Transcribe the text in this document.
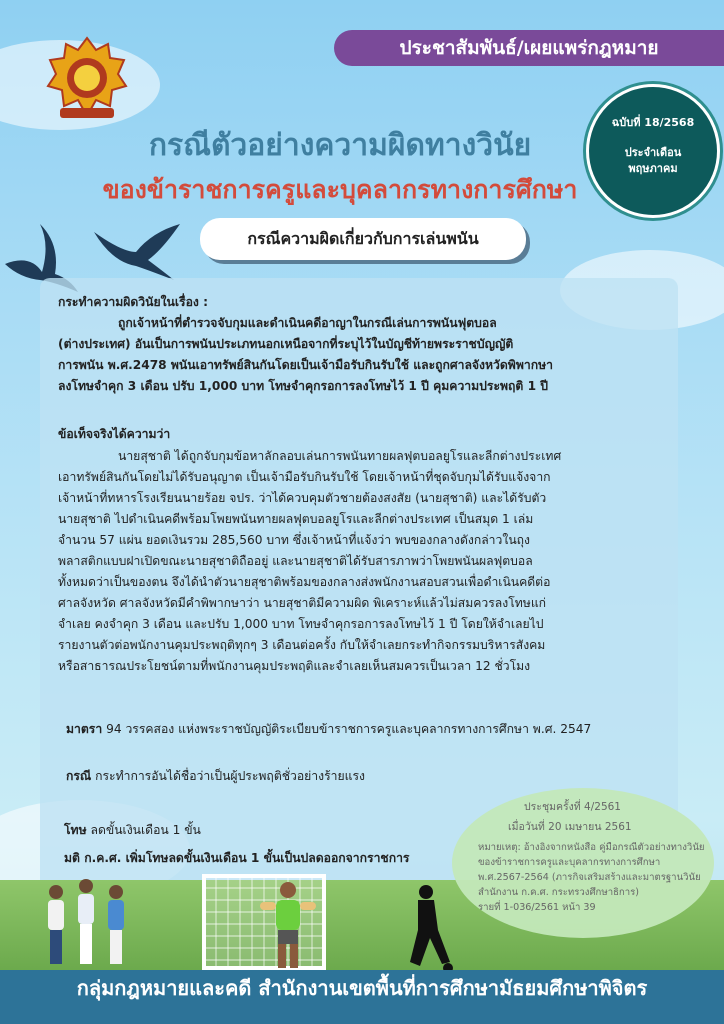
ประชาสัมพันธ์/เผยแพร่กฎหมาย
ฉบับที่ 18/2568
ประจำเดือน
พฤษภาคม
กรณีตัวอย่างความผิดทางวินัย
ของข้าราชการครูและบุคลากรทางการศึกษา
กรณีความผิดเกี่ยวกับการเล่นพนัน
กระทำความผิดวินัยในเรื่อง :
ถูกเจ้าหน้าที่ตำรวจจับกุมและดำเนินคดีอาญาในกรณีเล่นการพนันฟุตบอล
(ต่างประเทศ) อันเป็นการพนันประเภทนอกเหนือจากที่ระบุไว้ในบัญชีท้ายพระราชบัญญัติ
การพนัน พ.ศ.2478 พนันเอาทรัพย์สินกันโดยเป็นเจ้ามือรับกินรับใช้ และถูกศาลจังหวัดพิพากษา
ลงโทษจำคุก 3 เดือน ปรับ 1,000 บาท โทษจำคุกรอการลงโทษไว้ 1 ปี คุมความประพฤติ 1 ปี
ข้อเท็จจริงได้ความว่า
นายสุชาติ ได้ถูกจับกุมข้อหาลักลอบเล่นการพนันทายผลฟุตบอลยูโรและลีกต่างประเทศ
เอาทรัพย์สินกันโดยไม่ได้รับอนุญาต เป็นเจ้ามือรับกินรับใช้ โดยเจ้าหน้าที่ชุดจับกุมได้รับแจ้งจาก
เจ้าหน้าที่ทหารโรงเรียนนายร้อย จปร. ว่าได้ควบคุมตัวชายต้องสงสัย (นายสุชาติ) และได้รับตัว
นายสุชาติ ไปดำเนินคดีพร้อมโพยพนันทายผลฟุตบอลยูโรและลีกต่างประเทศ เป็นสมุด 1 เล่ม
จำนวน 57 แผ่น ยอดเงินรวม 285,560 บาท ซึ่งเจ้าหน้าที่แจ้งว่า พบของกลางดังกล่าวในถุง
พลาสติกแบบฝาเปิดขณะนายสุชาติถืออยู่ และนายสุชาติได้รับสารภาพว่าโพยพนันผลฟุตบอล
ทั้งหมดว่าเป็นของตน จึงได้นำตัวนายสุชาติพร้อมของกลางส่งพนักงานสอบสวนเพื่อดำเนินคดีต่อ
ศาลจังหวัด ศาลจังหวัดมีคำพิพากษาว่า นายสุชาติมีความผิด พิเคราะห์แล้วไม่สมควรลงโทษแก่
จำเลย คงจำคุก 3 เดือน และปรับ 1,000 บาท โทษจำคุกรอการลงโทษไว้ 1 ปี โดยให้จำเลยไป
รายงานตัวต่อพนักงานคุมประพฤติทุกๆ 3 เดือนต่อครั้ง กับให้จำเลยกระทำกิจกรรมบริหารสังคม
หรือสาธารณประโยชน์ตามที่พนักงานคุมประพฤติและจำเลยเห็นสมควรเป็นเวลา 12 ชั่วโมง
มาตรา 94 วรรคสอง แห่งพระราชบัญญัติระเบียบข้าราชการครูและบุคลากรทางการศึกษา พ.ศ. 2547
กรณี กระทำการอันได้ชื่อว่าเป็นผู้ประพฤติชั่วอย่างร้ายแรง
ประชุมครั้งที่ 4/2561
เมื่อวันที่ 20 เมษายน 2561
หมายเหตุ: อ้างอิงจากหนังสือ คู่มือกรณีตัวอย่างทางวินัย
ของข้าราชการครูและบุคลากรทางการศึกษา
พ.ศ.2567-2564 (ภารกิจเสริมสร้างและมาตรฐานวินัย
สำนักงาน ก.ค.ศ. กระทรวงศึกษาธิการ)
รายที่ 1-036/2561 หน้า 39
โทษ ลดขั้นเงินเดือน 1 ขั้น
มติ ก.ค.ศ. เพิ่มโทษลดขั้นเงินเดือน 1 ขั้นเป็นปลดออกจากราชการ
กลุ่มกฎหมายและคดี สำนักงานเขตพื้นที่การศึกษามัธยมศึกษาพิจิตร
